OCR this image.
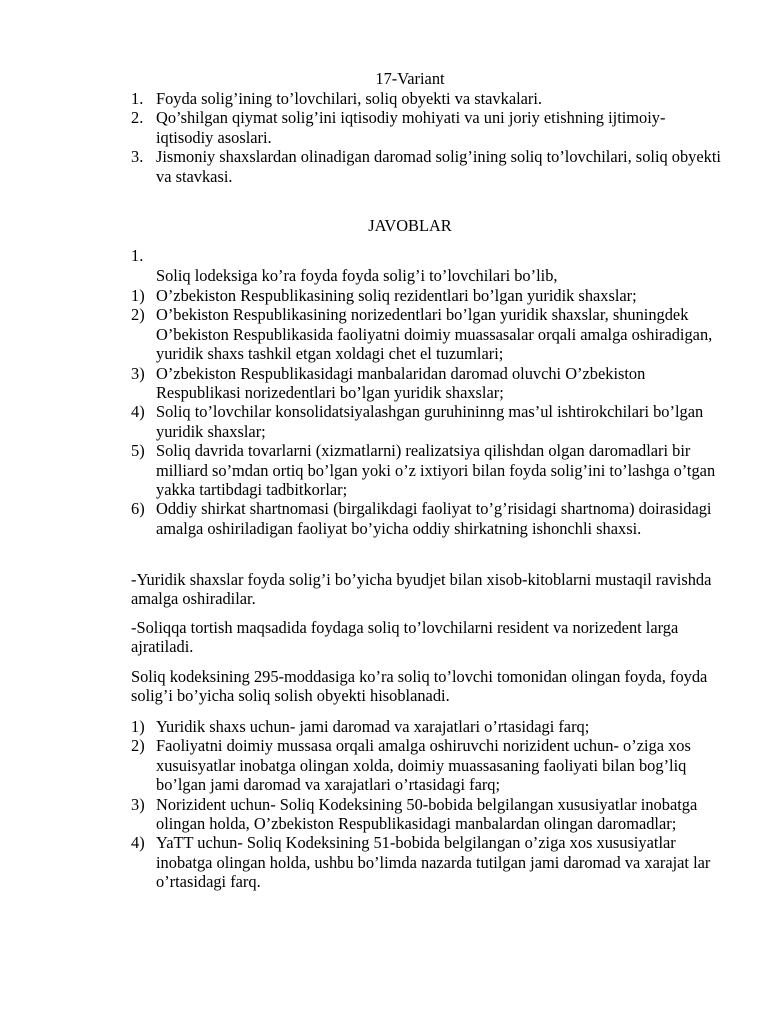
17-Variant
1. Foyda solig’ining to’lovchilari, soliq obyekti va stavkalari.
2. Qo’shilgan qiymat solig’ini iqtisodiy mohiyati va uni joriy etishning ijtimoiy-iqtisodiy asoslari.
3. Jismoniy shaxslardan olinadigan daromad solig’ining soliq to’lovchilari, soliq obyekti va stavkasi.
JAVOBLAR
1.
Soliq lodeksiga ko’ra foyda foyda solig’i to’lovchilari bo’lib,
1) O’zbekiston Respublikasining soliq rezidentlari bo’lgan yuridik shaxslar;
2) O’bekiston Respublikasining norizedentlari bo’lgan yuridik shaxslar, shuningdek O’bekiston Respublikasida faoliyatni doimiy muassasalar orqali amalga oshiradigan, yuridik shaxs tashkil etgan xoldagi chet el tuzumlari;
3) O’zbekiston Respublikasidagi manbalaridan daromad oluvchi O’zbekiston Respublikasi norizedentlari bo’lgan yuridik shaxslar;
4) Soliq to’lovchilar konsolidatsiyalashgan guruhininng mas’ul ishtirokchilari bo’lgan yuridik shaxslar;
5) Soliq davrida tovarlarni (xizmatlarni) realizatsiya qilishdan olgan daromadlari bir milliard so’mdan ortiq bo’lgan yoki o’z ixtiyori bilan foyda solig’ini to’lashga o’tgan yakka tartibdagi tadbitkorlar;
6) Oddiy shirkat shartnomasi (birgalikdagi faoliyat to’g’risidagi shartnoma) doirasidagi amalga oshiriladigan faoliyat bo’yicha oddiy shirkatning ishonchli shaxsi.

-Yuridik shaxslar foyda solig’i bo’yicha byudjet bilan xisob-kitoblarni mustaqil ravishda amalga oshiradilar.

-Soliqqa tortish maqsadida foydaga soliq to’lovchilarni resident va norizedent larga ajratiladi.

Soliq kodeksining 295-moddasiga ko’ra soliq to’lovchi tomonidan olingan foyda, foyda solig’i bo’yicha soliq solish obyekti hisoblanadi.

1) Yuridik shaxs uchun- jami daromad va xarajatlari o’rtasidagi farq;
2) Faoliyatni doimiy mussasa orqali amalga oshiruvchi norizident uchun- o’ziga xos xusuisyatlar inobatga olingan xolda, doimiy muassasaning faoliyati bilan bog’liq bo’lgan jami daromad va xarajatlari o’rtasidagi farq;
3) Norizident uchun- Soliq Kodeksining 50-bobida belgilangan xususiyatlar inobatga olingan holda, O’zbekiston Respublikasidagi manbalardan olingan daromadlar;
4) YaTT uchun- Soliq Kodeksining 51-bobida belgilangan o’ziga xos xususiyatlar inobatga olingan holda, ushbu bo’limda nazarda tutilgan jami daromad va xarajat lar o’rtasidagi farq.
